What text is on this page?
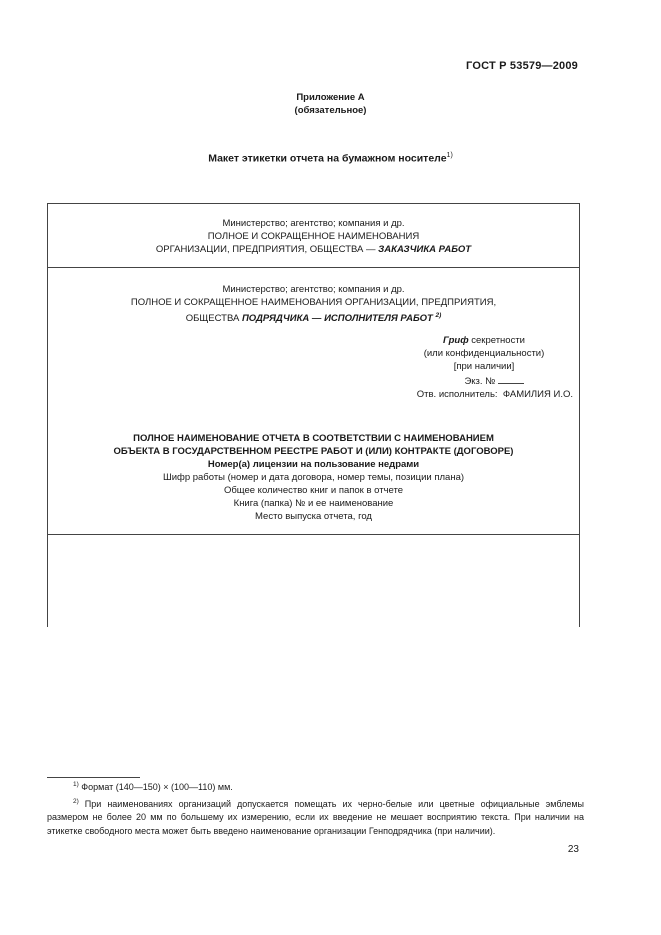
ГОСТ Р 53579—2009
Приложение А
(обязательное)
Макет этикетки отчета на бумажном носителе$^{1)}$
Министерство; агентство; компания и др.
ПОЛНОЕ И СОКРАЩЕННОЕ НАИМЕНОВАНИЯ
ОРГАНИЗАЦИИ, ПРЕДПРИЯТИЯ, ОБЩЕСТВА — ЗАКАЗЧИКА РАБОТ
Министерство; агентство; компания и др.
ПОЛНОЕ И СОКРАЩЕННОЕ НАИМЕНОВАНИЯ ОРГАНИЗАЦИИ, ПРЕДПРИЯТИЯ,
ОБЩЕСТВА ПОДРЯДЧИКА — ИСПОЛНИТЕЛЯ РАБОТ $^{2)}$
Гриф секретности
(или конфиденциальности)
[при наличии]
Экз. №
Отв. исполнитель: ФАМИЛИЯ И.О.
ПОЛНОЕ НАИМЕНОВАНИЕ ОТЧЕТА В СООТВЕТСТВИИ С НАИМЕНОВАНИЕМ
ОБЪЕКТА В ГОСУДАРСТВЕННОМ РЕЕСТРЕ РАБОТ И (ИЛИ) КОНТРАКТЕ (ДОГОВОРЕ)
Номер(а) лицензии на пользование недрами
Шифр работы (номер и дата договора, номер темы, позиции плана)
Общее количество книг и папок в отчете
Книга (папка) № и ее наименование
Место выпуска отчета, год

$^{1)}$ Формат (140—150) × (100—110) мм.

$^{2)}$ При наименованиях организаций допускается помещать их черно-белые или цветные официальные эмблемы размером не более 20 мм по большему их измерению, если их введение не мешает восприятию текста. При наличии на этикетке свободного места может быть введено наименование организации Генподрядчика (при наличии).

23
